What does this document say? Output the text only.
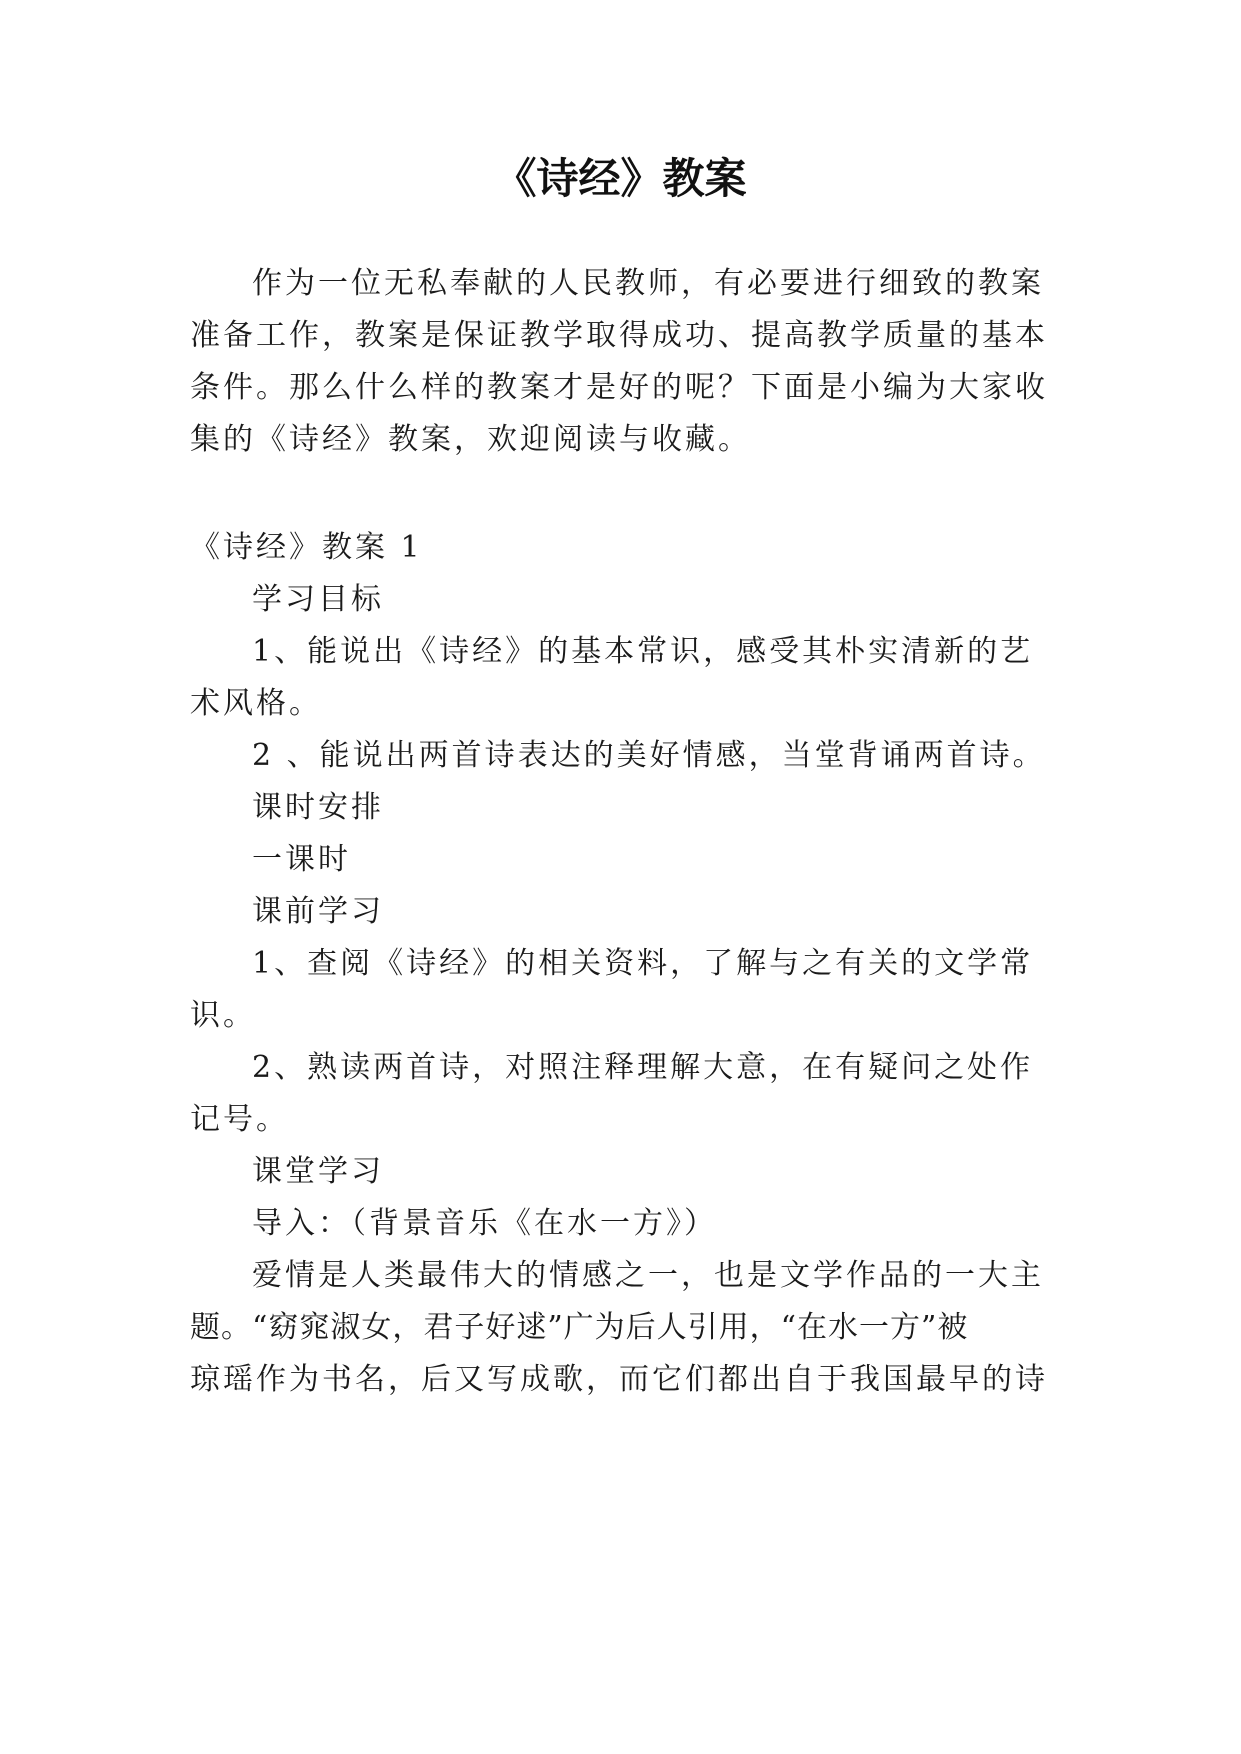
《诗经》教案
作为一位无私奉献的人民教师，有必要进行细致的教案
准备工作，教案是保证教学取得成功、提高教学质量的基本
条件。那么什么样的教案才是好的呢？下面是小编为大家收
集的《诗经》教案，欢迎阅读与收藏。
《诗经》教案 1
学习目标
1、能说出《诗经》的基本常识，感受其朴实清新的艺
术风格。
2 、能说出两首诗表达的美好情感，当堂背诵两首诗。
课时安排
一课时
课前学习
1、查阅《诗经》的相关资料，了解与之有关的文学常
识。
2、熟读两首诗，对照注释理解大意，在有疑问之处作
记号。
课堂学习
导入：（背景音乐《在水一方》）
爱情是人类最伟大的情感之一，也是文学作品的一大主
题。“窈窕淑女，君子好逑”广为后人引用，“在水一方”被
琼瑶作为书名，后又写成歌，而它们都出自于我国最早的诗
